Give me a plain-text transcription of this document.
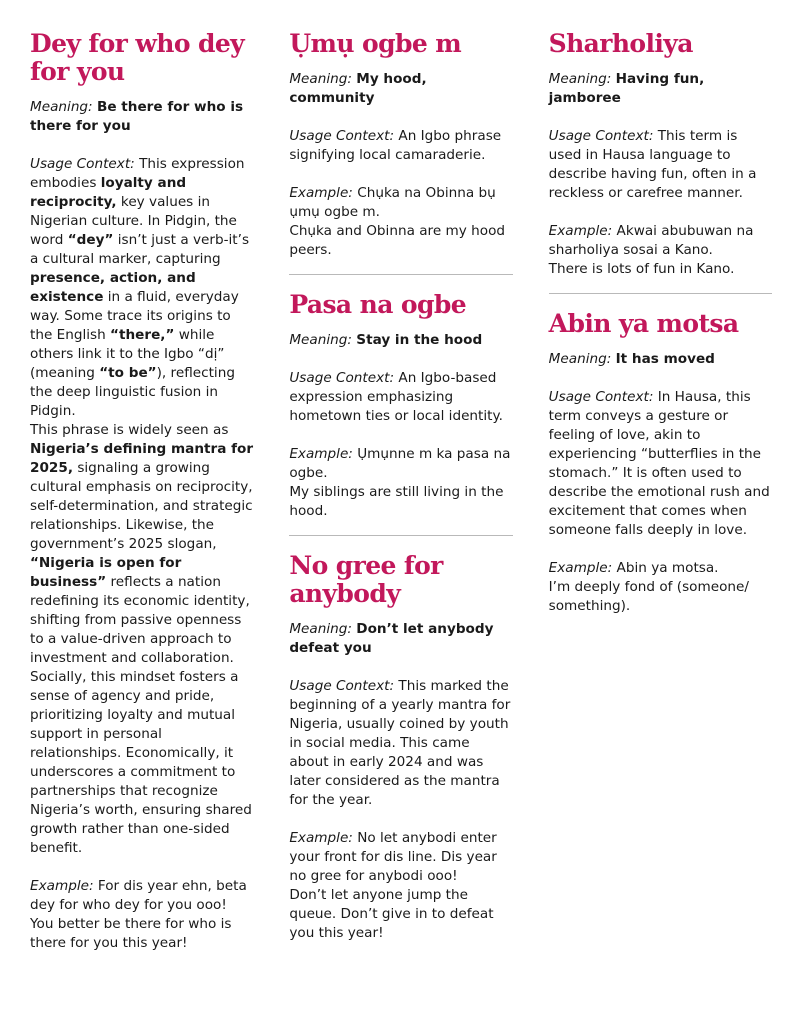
Dey for who dey for you

Meaning: Be there for who is there for you

Usage Context: This expression embodies loyalty and reciprocity, key values in Nigerian culture. In Pidgin, the word “dey” isn’t just a verb-it’s a cultural marker, capturing presence, action, and existence in a fluid, everyday way. Some trace its origins to the English “there,” while others link it to the Igbo “dị” (meaning “to be”), reflecting the deep linguistic fusion in Pidgin.

This phrase is widely seen as Nigeria’s defining mantra for 2025, signaling a growing cultural emphasis on reciprocity, self-determination, and strategic relationships. Likewise, the government’s 2025 slogan, “Nigeria is open for business” reflects a nation redefining its economic identity, shifting from passive openness to a value-driven approach to investment and collaboration. Socially, this mindset fosters a sense of agency and pride, prioritizing loyalty and mutual support in personal relationships. Economically, it underscores a commitment to partnerships that recognize Nigeria’s worth, ensuring shared growth rather than one-sided benefit.

Example: For dis year ehn, beta dey for who dey for you ooo!
You better be there for who is there for you this year!

Ụmụ ogbe m

Meaning: My hood, community

Usage Context: An Igbo phrase signifying local camaraderie.

Example: Chụka na Obinna bụ ụmụ ogbe m.
Chụka and Obinna are my hood peers.

Pasa na ogbe

Meaning: Stay in the hood

Usage Context: An Igbo-based expression emphasizing hometown ties or local identity.

Example: Ụmụnne m ka pasa na ogbe.
My siblings are still living in the hood.

No gree for anybody

Meaning: Don’t let anybody defeat you

Usage Context: This marked the beginning of a yearly mantra for Nigeria, usually coined by youth in social media. This came about in early 2024 and was later considered as the mantra for the year.

Example: No let anybodi enter your front for dis line. Dis year no gree for anybodi ooo!
Don’t let anyone jump the queue. Don’t give in to defeat you this year!

Sharholiya

Meaning: Having fun, jamboree

Usage Context: This term is used in Hausa language to describe having fun, often in a reckless or carefree manner.

Example: Akwai abubuwan na sharholiya sosai a Kano.
There is lots of fun in Kano.

Abin ya motsa

Meaning: It has moved

Usage Context: In Hausa, this term conveys a gesture or feeling of love, akin to experiencing “butterflies in the stomach.” It is often used to describe the emotional rush and excitement that comes when someone falls deeply in love.

Example: Abin ya motsa.
I’m deeply fond of (someone/ something).
